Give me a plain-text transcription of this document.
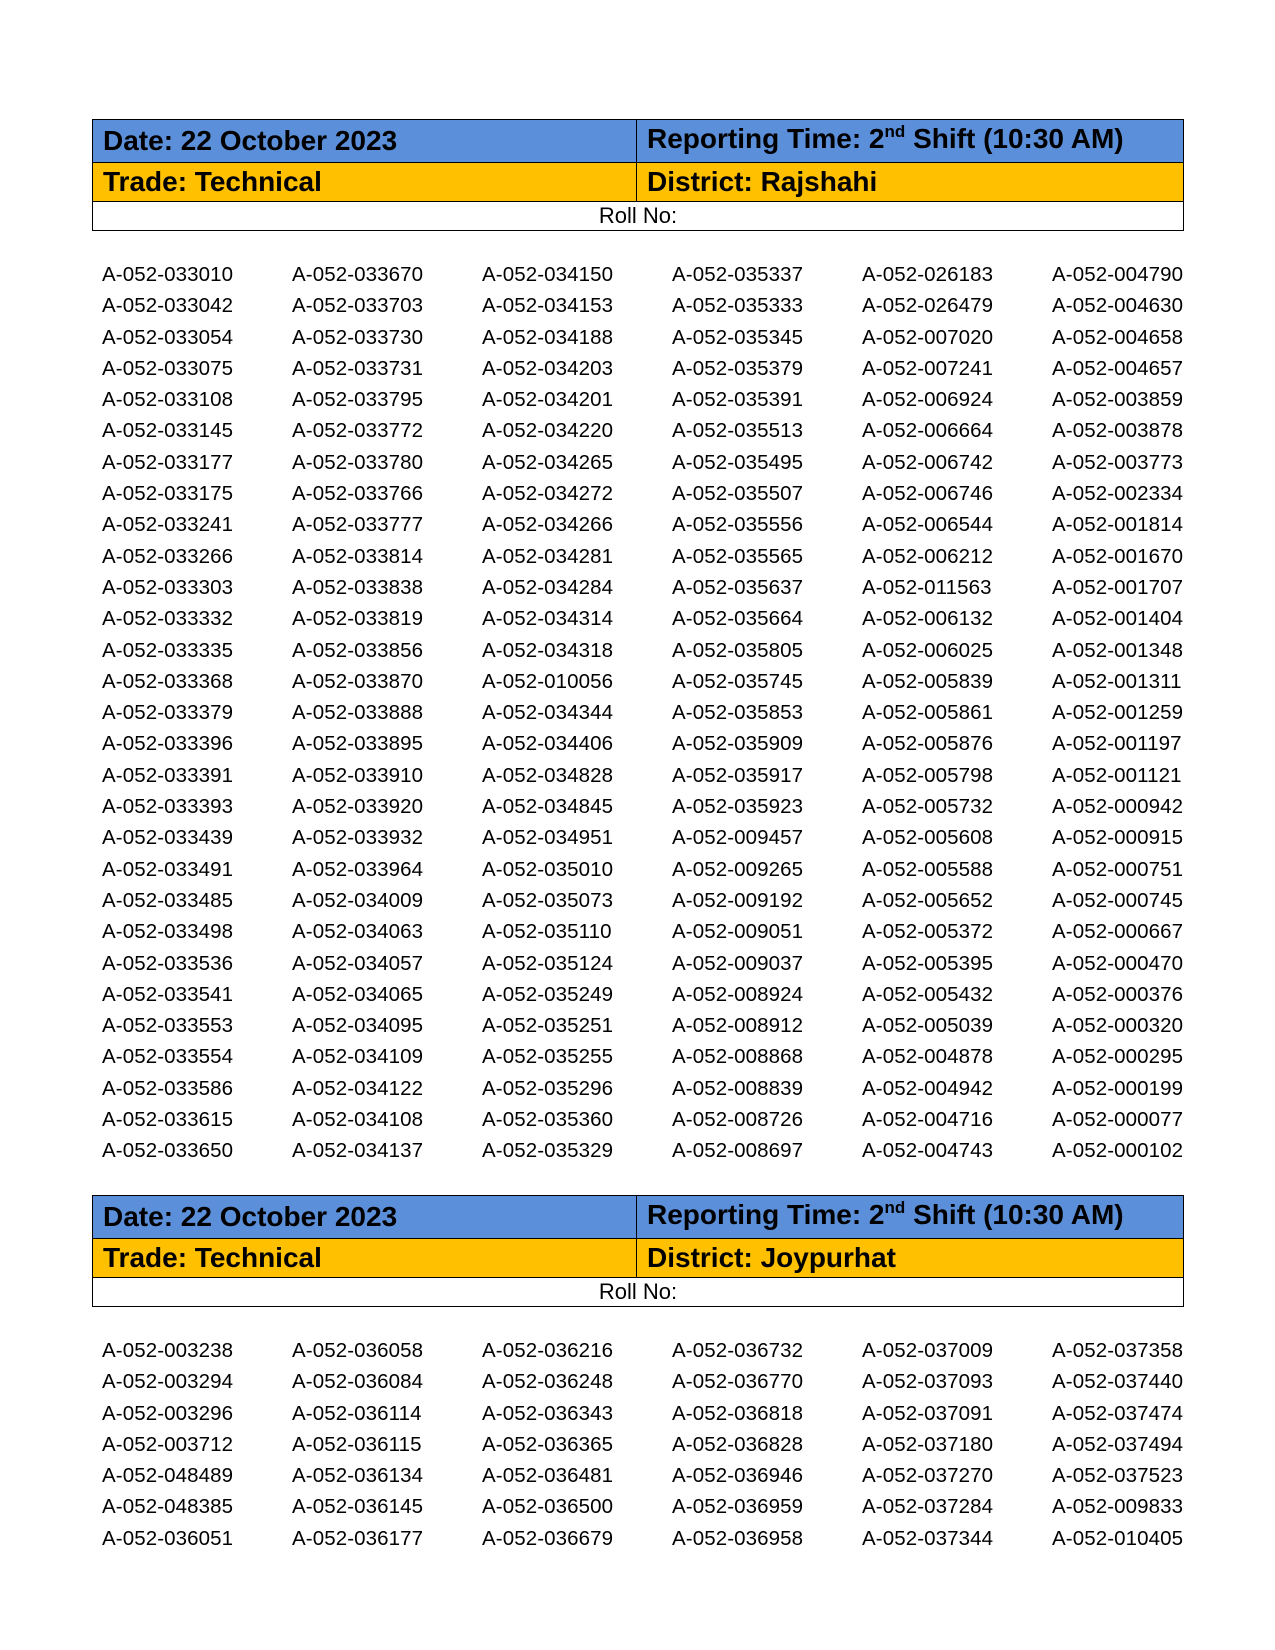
Date: 22 October 2023	Reporting Time: 2nd Shift (10:30 AM)
Trade: Technical	District: Rajshahi
Roll No:	
A-052-033010	A-052-033670	A-052-034150	A-052-035337	A-052-026183	A-052-004790
A-052-033042	A-052-033703	A-052-034153	A-052-035333	A-052-026479	A-052-004630
A-052-033054	A-052-033730	A-052-034188	A-052-035345	A-052-007020	A-052-004658
A-052-033075	A-052-033731	A-052-034203	A-052-035379	A-052-007241	A-052-004657
A-052-033108	A-052-033795	A-052-034201	A-052-035391	A-052-006924	A-052-003859
A-052-033145	A-052-033772	A-052-034220	A-052-035513	A-052-006664	A-052-003878
A-052-033177	A-052-033780	A-052-034265	A-052-035495	A-052-006742	A-052-003773
A-052-033175	A-052-033766	A-052-034272	A-052-035507	A-052-006746	A-052-002334
A-052-033241	A-052-033777	A-052-034266	A-052-035556	A-052-006544	A-052-001814
A-052-033266	A-052-033814	A-052-034281	A-052-035565	A-052-006212	A-052-001670
A-052-033303	A-052-033838	A-052-034284	A-052-035637	A-052-011563	A-052-001707
A-052-033332	A-052-033819	A-052-034314	A-052-035664	A-052-006132	A-052-001404
A-052-033335	A-052-033856	A-052-034318	A-052-035805	A-052-006025	A-052-001348
A-052-033368	A-052-033870	A-052-010056	A-052-035745	A-052-005839	A-052-001311
A-052-033379	A-052-033888	A-052-034344	A-052-035853	A-052-005861	A-052-001259
A-052-033396	A-052-033895	A-052-034406	A-052-035909	A-052-005876	A-052-001197
A-052-033391	A-052-033910	A-052-034828	A-052-035917	A-052-005798	A-052-001121
A-052-033393	A-052-033920	A-052-034845	A-052-035923	A-052-005732	A-052-000942
A-052-033439	A-052-033932	A-052-034951	A-052-009457	A-052-005608	A-052-000915
A-052-033491	A-052-033964	A-052-035010	A-052-009265	A-052-005588	A-052-000751
A-052-033485	A-052-034009	A-052-035073	A-052-009192	A-052-005652	A-052-000745
A-052-033498	A-052-034063	A-052-035110	A-052-009051	A-052-005372	A-052-000667
A-052-033536	A-052-034057	A-052-035124	A-052-009037	A-052-005395	A-052-000470
A-052-033541	A-052-034065	A-052-035249	A-052-008924	A-052-005432	A-052-000376
A-052-033553	A-052-034095	A-052-035251	A-052-008912	A-052-005039	A-052-000320
A-052-033554	A-052-034109	A-052-035255	A-052-008868	A-052-004878	A-052-000295
A-052-033586	A-052-034122	A-052-035296	A-052-008839	A-052-004942	A-052-000199
A-052-033615	A-052-034108	A-052-035360	A-052-008726	A-052-004716	A-052-000077
A-052-033650	A-052-034137	A-052-035329	A-052-008697	A-052-004743	A-052-000102
Date: 22 October 2023	Reporting Time: 2nd Shift (10:30 AM)
Trade: Technical	District: Joypurhat
Roll No:	
A-052-003238	A-052-036058	A-052-036216	A-052-036732	A-052-037009	A-052-037358
A-052-003294	A-052-036084	A-052-036248	A-052-036770	A-052-037093	A-052-037440
A-052-003296	A-052-036114	A-052-036343	A-052-036818	A-052-037091	A-052-037474
A-052-003712	A-052-036115	A-052-036365	A-052-036828	A-052-037180	A-052-037494
A-052-048489	A-052-036134	A-052-036481	A-052-036946	A-052-037270	A-052-037523
A-052-048385	A-052-036145	A-052-036500	A-052-036959	A-052-037284	A-052-009833
A-052-036051	A-052-036177	A-052-036679	A-052-036958	A-052-037344	A-052-010405
